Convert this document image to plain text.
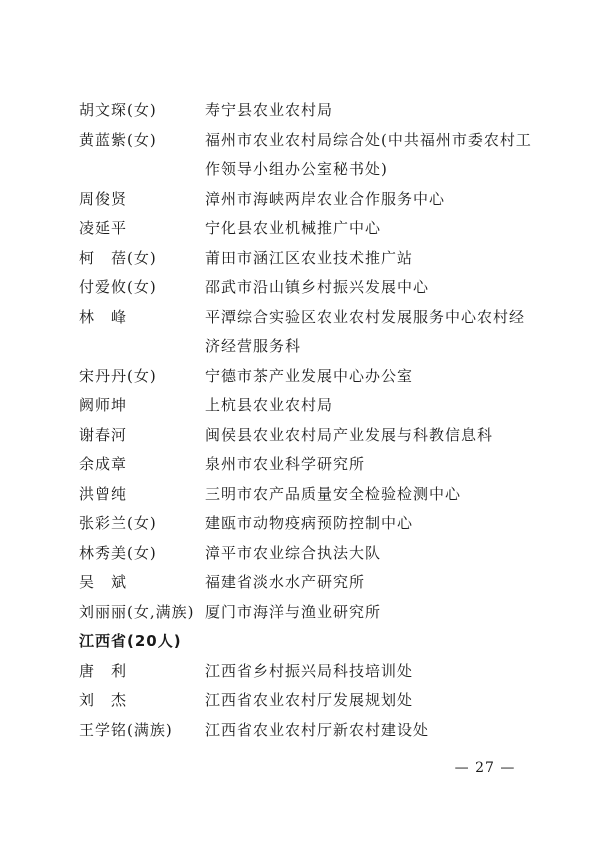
胡文琛(女)	寿宁县农业农村局
黄蓝紫(女)	福州市农业农村局综合处(中共福州市委农村工作领导小组办公室秘书处)
周俊贤	漳州市海峡两岸农业合作服务中心
凌延平	宁化县农业机械推广中心
柯　蓓(女)	莆田市涵江区农业技术推广站
付爱攸(女)	邵武市沿山镇乡村振兴发展中心
林　峰	平潭综合实验区农业农村发展服务中心农村经济经营服务科
宋丹丹(女)	宁德市茶产业发展中心办公室
阙师坤	上杭县农业农村局
谢春河	闽侯县农业农村局产业发展与科教信息科
余成章	泉州市农业科学研究所
洪曾纯	三明市农产品质量安全检验检测中心
张彩兰(女)	建瓯市动物疫病预防控制中心
林秀美(女)	漳平市农业综合执法大队
吴　斌	福建省淡水水产研究所
刘丽丽(女,满族) 厦门市海洋与渔业研究所
江西省(20人)
唐　利	江西省乡村振兴局科技培训处
刘　杰	江西省农业农村厅发展规划处
王学铭(满族)	江西省农业农村厅新农村建设处
— 27 —
